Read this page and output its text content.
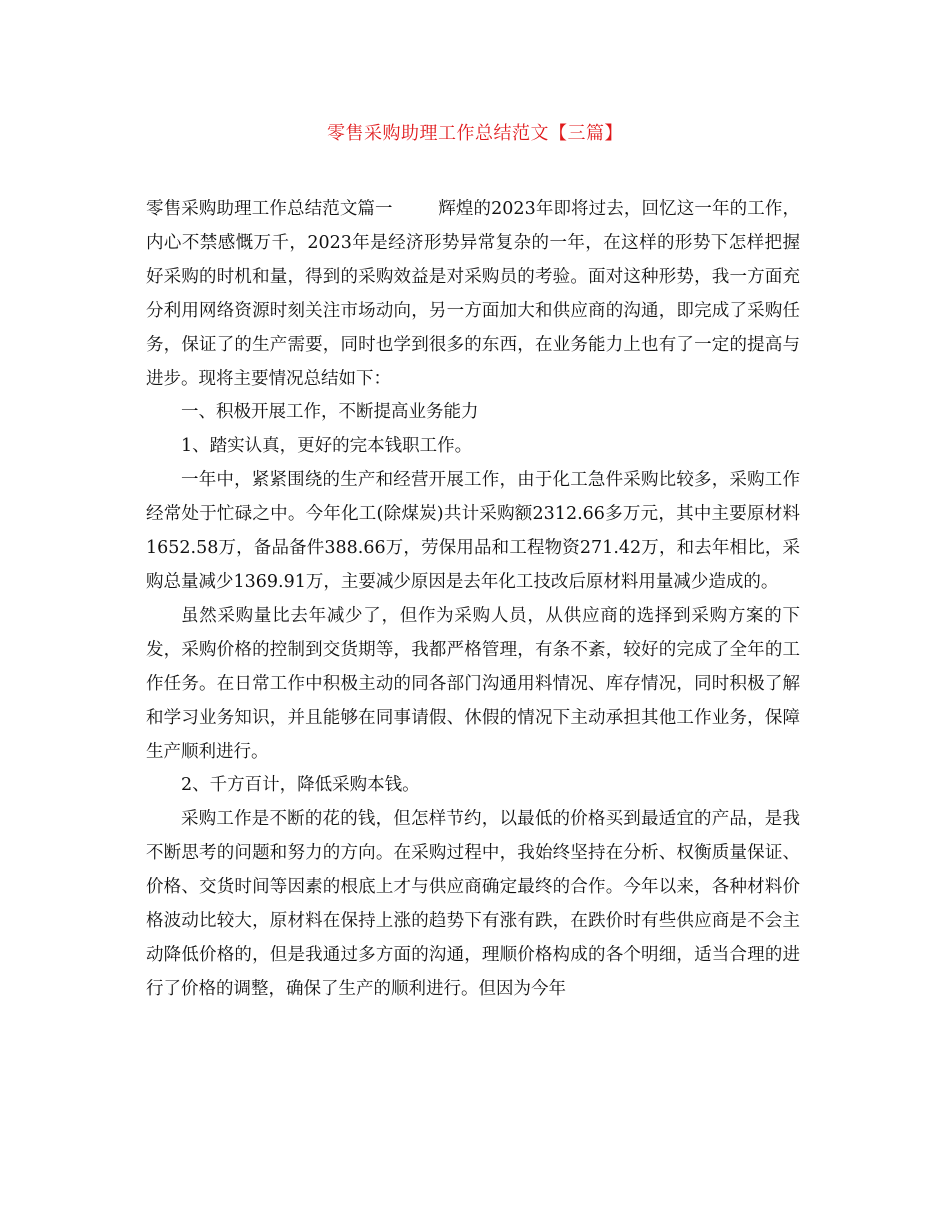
零售采购助理工作总结范文【三篇】

零售采购助理工作总结范文篇一	辉煌的2023年即将过去，回忆这一年的工作，内心不禁感慨万千，2023年是经济形势异常复杂的一年，在这样的形势下怎样把握好采购的时机和量，得到的采购效益是对采购员的考验。面对这种形势，我一方面充分利用网络资源时刻关注市场动向，另一方面加大和供应商的沟通，即完成了采购任务，保证了的生产需要，同时也学到很多的东西，在业务能力上也有了一定的提高与进步。现将主要情况总结如下：

一、积极开展工作，不断提高业务能力

1、踏实认真，更好的完本钱职工作。

一年中，紧紧围绕的生产和经营开展工作，由于化工急件采购比较多，采购工作经常处于忙碌之中。今年化工(除煤炭)共计采购额2312.66多万元，其中主要原材料1652.58万，备品备件388.66万，劳保用品和工程物资271.42万，和去年相比，采购总量减少1369.91万，主要减少原因是去年化工技改后原材料用量减少造成的。

虽然采购量比去年减少了，但作为采购人员，从供应商的选择到采购方案的下发，采购价格的控制到交货期等，我都严格管理，有条不紊，较好的完成了全年的工作任务。在日常工作中积极主动的同各部门沟通用料情况、库存情况，同时积极了解和学习业务知识，并且能够在同事请假、休假的情况下主动承担其他工作业务，保障生产顺利进行。

2、千方百计，降低采购本钱。

采购工作是不断的花的钱，但怎样节约，以最低的价格买到最适宜的产品，是我不断思考的问题和努力的方向。在采购过程中，我始终坚持在分析、权衡质量保证、价格、交货时间等因素的根底上才与供应商确定最终的合作。今年以来，各种材料价格波动比较大，原材料在保持上涨的趋势下有涨有跌，在跌价时有些供应商是不会主动降低价格的，但是我通过多方面的沟通，理顺价格构成的各个明细，适当合理的进行了价格的调整，确保了生产的顺利进行。但因为今年
